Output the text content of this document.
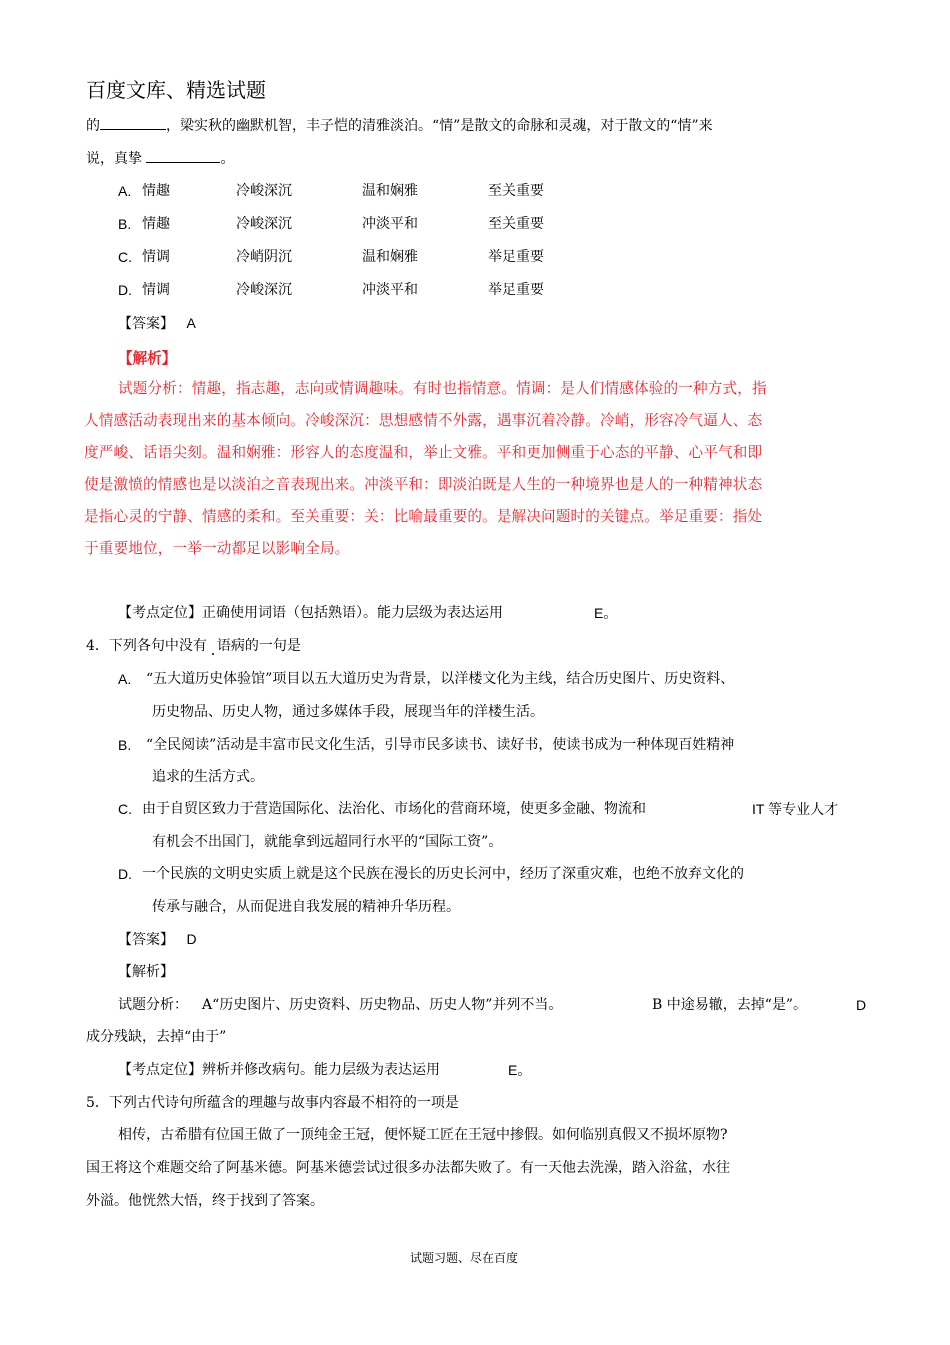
百度文库、精选试题
的	，梁实秋的幽默机智，丰子恺的清雅淡泊。“情”是散文的命脉和灵魂，对于散文的“情”来
说，真挚	。
A. 情趣	冷峻深沉	温和娴雅	至关重要
B. 情趣	冷峻深沉	冲淡平和	至关重要
C. 情调	冷峭阴沉	温和娴雅	举足重要
D. 情调	冷峻深沉	冲淡平和	举足重要
【答案】 A
【解析】
试题分析：情趣，指志趣，志向或情调趣味。有时也指情意。情调：是人们情感体验的一种方式，指
人情感活动表现出来的基本倾向。冷峻深沉：思想感情不外露，遇事沉着冷静。冷峭，形容冷气逼人、态
度严峻、话语尖刻。温和娴雅：形容人的态度温和，举止文雅。平和更加侧重于心态的平静、心平气和即
使是激愤的情感也是以淡泊之音表现出来。冲淡平和：即淡泊既是人生的一种境界也是人的一种精神状态
是指心灵的宁静、情感的柔和。至关重要：关：比喻最重要的。是解决问题时的关键点。举足重要：指处
于重要地位，一举一动都足以影响全局。
【考点定位】正确使用词语（包括熟语）。能力层级为表达运用	E。
4．下列各句中没有 语病的一句是
A. “五大道历史体验馆”项目以五大道历史为背景，以洋楼文化为主线，结合历史图片、历史资料、
历史物品、历史人物，通过多媒体手段，展现当年的洋楼生活。
B. “全民阅读”活动是丰富市民文化生活，引导市民多读书、读好书，使读书成为一种体现百姓精神
追求的生活方式。
C. 由于自贸区致力于营造国际化、法治化、市场化的营商环境，使更多金融、物流和	IT 等专业人才
有机会不出国门，就能拿到远超同行水平的“国际工资”。
D. 一个民族的文明史实质上就是这个民族在漫长的历史长河中，经历了深重灾难，也绝不放弃文化的
传承与融合，从而促进自我发展的精神升华历程。
【答案】 D
【解析】
试题分析： A“历史图片、历史资料、历史物品、历史人物”并列不当。	B 中途易辙，去掉“是”。	D
成分残缺，去掉“由于”
【考点定位】辨析并修改病句。能力层级为表达运用	E。
5．下列古代诗句所蕴含的理趣与故事内容最不相符的一项是
相传，古希腊有位国王做了一顶纯金王冠，便怀疑工匠在王冠中掺假。如何临别真假又不损坏原物?
国王将这个难题交给了阿基米德。阿基米德尝试过很多办法都失败了。有一天他去洗澡，踏入浴盆，水往
外溢。他恍然大悟，终于找到了答案。
试题习题、尽在百度
